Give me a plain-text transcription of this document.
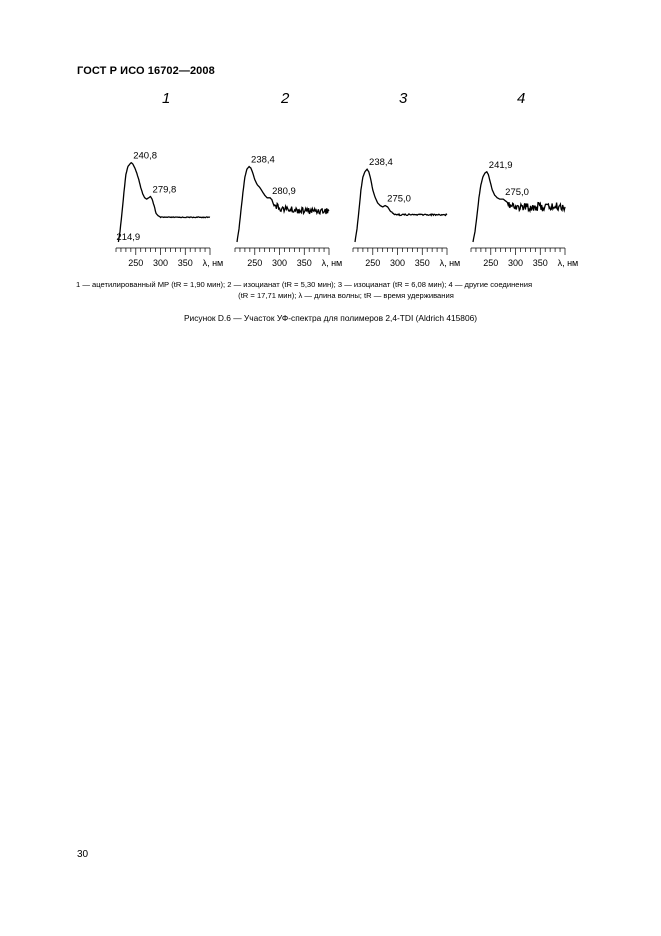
ГОСТ Р ИСО 16702—2008
1
250 300 350 λ, нм
214,9
240,8
279,8
2
250 300 350 λ, нм
238,4
280,9
3
250 300 350 λ, нм
238,4
275,0
4
250 300 350 λ, нм
241,9
275,0
1 — ацетилированный МР (tR = 1,90 мин); 2 — изоцианат (tR = 5,30 мин); 3 — изоцианат (tR = 6,08 мин); 4 — другие соединения
(tR = 17,71 мин); λ — длина волны; tR — время удерживания
Рисунок D.6 — Участок УФ-спектра для полимеров 2,4-TDI (Aldrich 415806)
30
